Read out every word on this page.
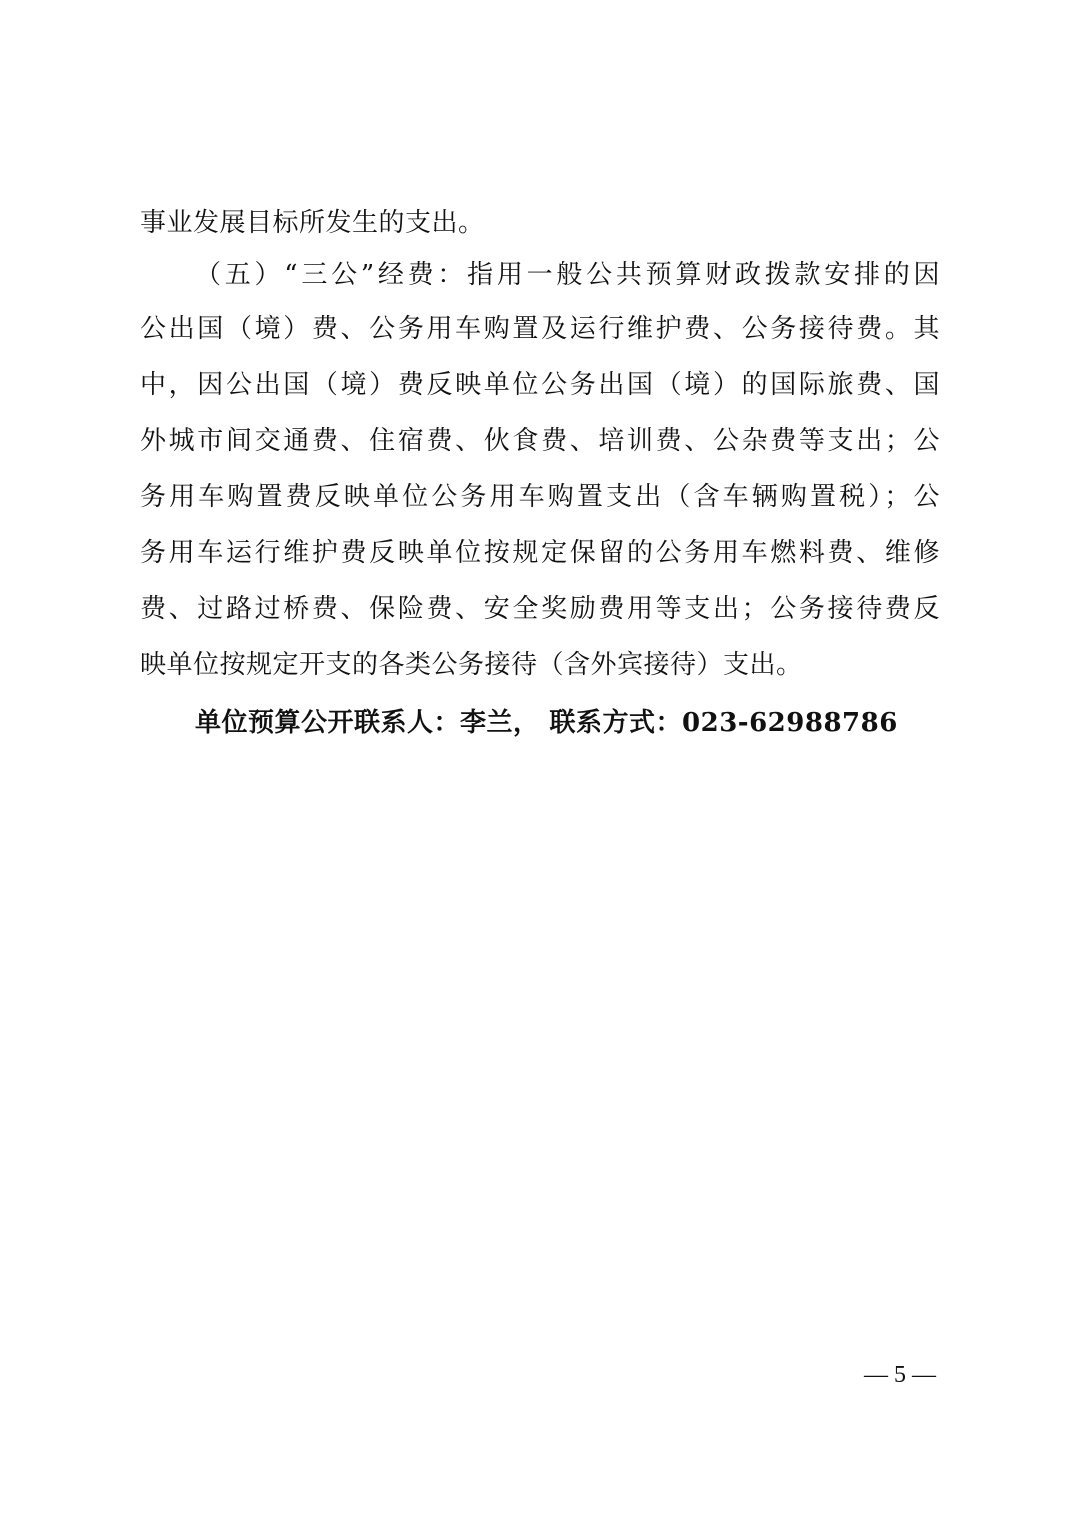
事业发展目标所发生的支出。
（五）“三公”经费：指用一般公共预算财政拨款安排的因
公出国（境）费、公务用车购置及运行维护费、公务接待费。其
中，因公出国（境）费反映单位公务出国（境）的国际旅费、国
外城市间交通费、住宿费、伙食费、培训费、公杂费等支出；公
务用车购置费反映单位公务用车购置支出（含车辆购置税）；公
务用车运行维护费反映单位按规定保留的公务用车燃料费、维修
费、过路过桥费、保险费、安全奖励费用等支出；公务接待费反
映单位按规定开支的各类公务接待（含外宾接待）支出。
单位预算公开联系人：李兰， 联系方式：023-62988786
— 5 —
